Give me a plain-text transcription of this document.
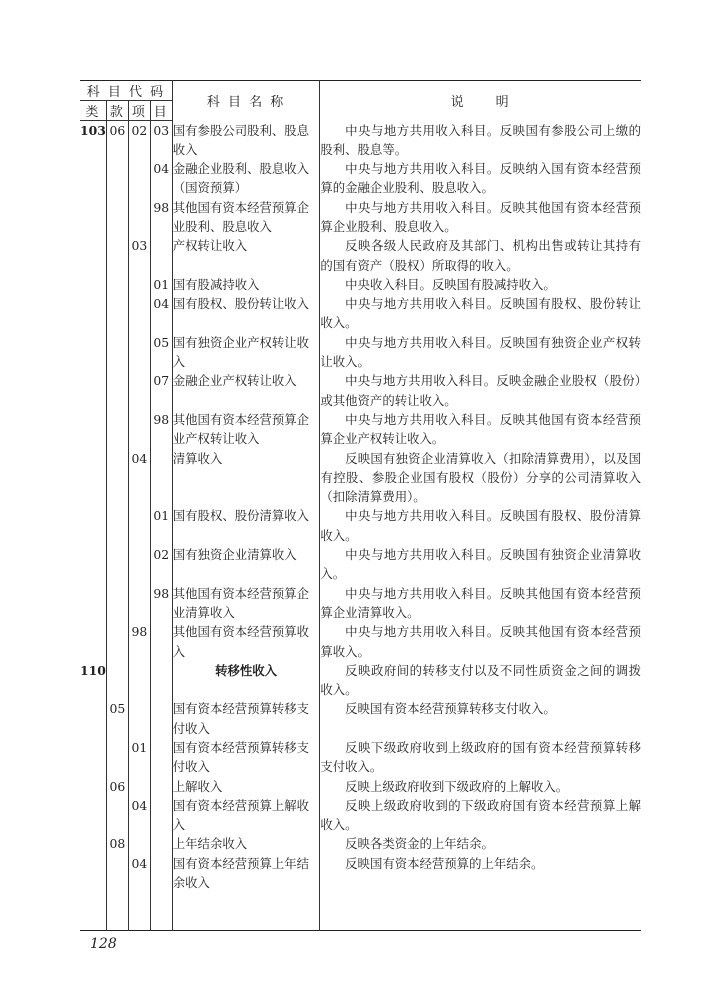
科 目 代 码				科 目 名 称	说　　明
类	款	项	目		
103	06	02	03	国有参股公司股利、股息收入	中央与地方共用收入科目。反映国有参股公司上缴的股利、股息等。
			04	金融企业股利、股息收入（国资预算）	中央与地方共用收入科目。反映纳入国有资本经营预算的金融企业股利、股息收入。
			98	其他国有资本经营预算企业股利、股息收入	中央与地方共用收入科目。反映其他国有资本经营预算企业股利、股息收入。
		03		产权转让收入	反映各级人民政府及其部门、机构出售或转让其持有的国有资产（股权）所取得的收入。
			01	国有股减持收入	中央收入科目。反映国有股减持收入。
			04	国有股权、股份转让收入	中央与地方共用收入科目。反映国有股权、股份转让收入。
			05	国有独资企业产权转让收入	中央与地方共用收入科目。反映国有独资企业产权转让收入。
			07	金融企业产权转让收入	中央与地方共用收入科目。反映金融企业股权（股份）或其他资产的转让收入。
			98	其他国有资本经营预算企业产权转让收入	中央与地方共用收入科目。反映其他国有资本经营预算企业产权转让收入。
		04		清算收入	反映国有独资企业清算收入（扣除清算费用），以及国有控股、参股企业国有股权（股份）分享的公司清算收入（扣除清算费用）。
			01	国有股权、股份清算收入	中央与地方共用收入科目。反映国有股权、股份清算收入。
			02	国有独资企业清算收入	中央与地方共用收入科目。反映国有独资企业清算收入。
			98	其他国有资本经营预算企业清算收入	中央与地方共用收入科目。反映其他国有资本经营预算企业清算收入。
		98		其他国有资本经营预算收入	中央与地方共用收入科目。反映其他国有资本经营预算收入。
110				转移性收入	反映政府间的转移支付以及不同性质资金之间的调拨收入。
	05			国有资本经营预算转移支付收入	反映国有资本经营预算转移支付收入。
		01		国有资本经营预算转移支付收入	反映下级政府收到上级政府的国有资本经营预算转移支付收入。
	06			上解收入	反映上级政府收到下级政府的上解收入。
		04		国有资本经营预算上解收入	反映上级政府收到的下级政府国有资本经营预算上解收入。
	08			上年结余收入	反映各类资金的上年结余。
		04		国有资本经营预算上年结余收入	反映国有资本经营预算的上年结余。

128
